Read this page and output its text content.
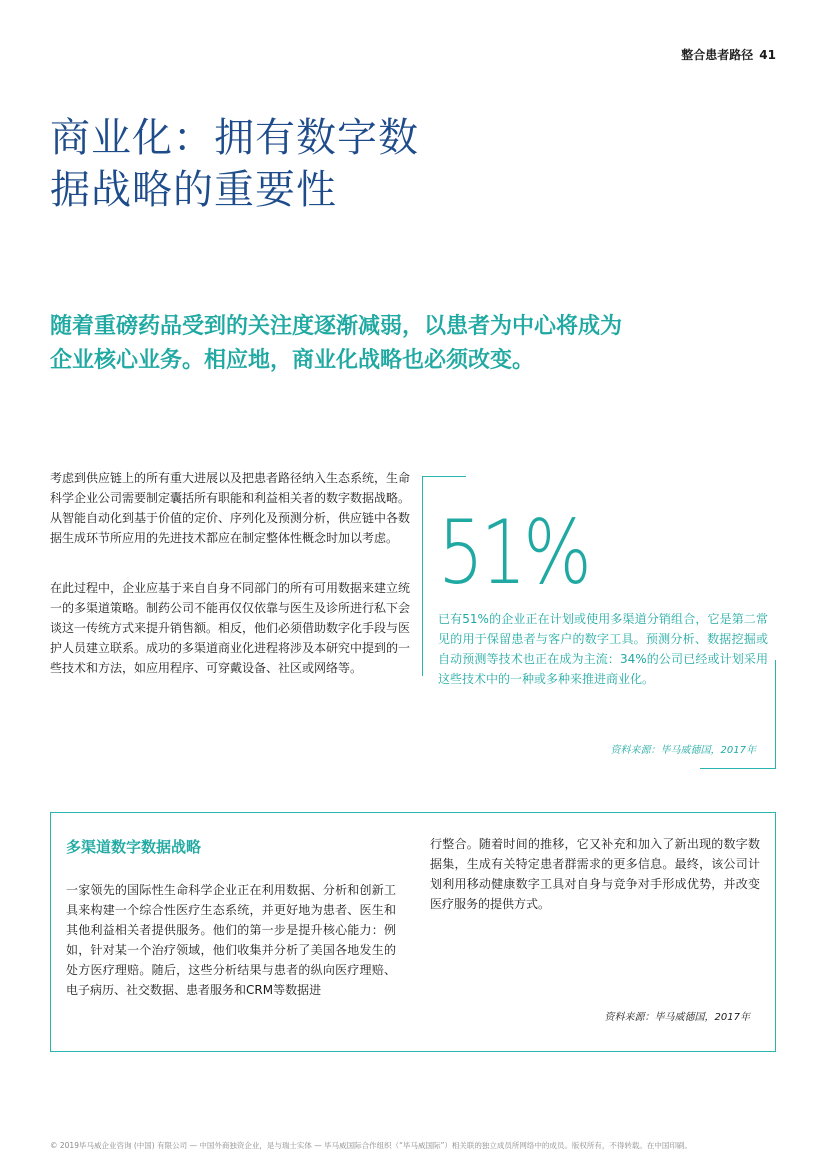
整合患者路径 41
商业化：拥有数字数
据战略的重要性

随着重磅药品受到的关注度逐渐减弱，以患者为中心将成为
企业核心业务。相应地，商业化战略也必须改变。

考虑到供应链上的所有重大进展以及把患者路径纳入生态系统，生命科学企业公司需要制定囊括所有职能和利益相关者的数字数据战略。从智能自动化到基于价值的定价、序列化及预测分析，供应链中各数据生成环节所应用的先进技术都应在制定整体性概念时加以考虑。

在此过程中，企业应基于来自自身不同部门的所有可用数据来建立统一的多渠道策略。制药公司不能再仅仅依靠与医生及诊所进行私下会谈这一传统方式来提升销售额。相反，他们必须借助数字化手段与医护人员建立联系。成功的多渠道商业化进程将涉及本研究中提到的一些技术和方法，如应用程序、可穿戴设备、社区或网络等。

51%

已有51%的企业正在计划或使用多渠道分销组合，它是第二常见的用于保留患者与客户的数字工具。预测分析、数据挖掘或自动预测等技术也正在成为主流：34%的公司已经或计划采用这些技术中的一种或多种来推进商业化。

资料来源：毕马威德国，2017年
多渠道数字数据战略

一家领先的国际性生命科学企业正在利用数据、分析和创新工具来构建一个综合性医疗生态系统，并更好地为患者、医生和其他利益相关者提供服务。他们的第一步是提升核心能力：例如，针对某一个治疗领域，他们收集并分析了美国各地发生的处方医疗理赔。随后，这些分析结果与患者的纵向医疗理赔、电子病历、社交数据、患者服务和CRM等数据进

行整合。随着时间的推移，它又补充和加入了新出现的数字数据集，生成有关特定患者群需求的更多信息。最终，该公司计划利用移动健康数字工具对自身与竞争对手形成优势，并改变医疗服务的提供方式。

资料来源：毕马威德国，2017年

© 2019毕马威企业咨询 (中国) 有限公司 — 中国外商独资企业，是与瑞士实体 — 毕马威国际合作组织（“毕马威国际”）相关联的独立成员所网络中的成员。版权所有，不得转载。在中国印刷。
